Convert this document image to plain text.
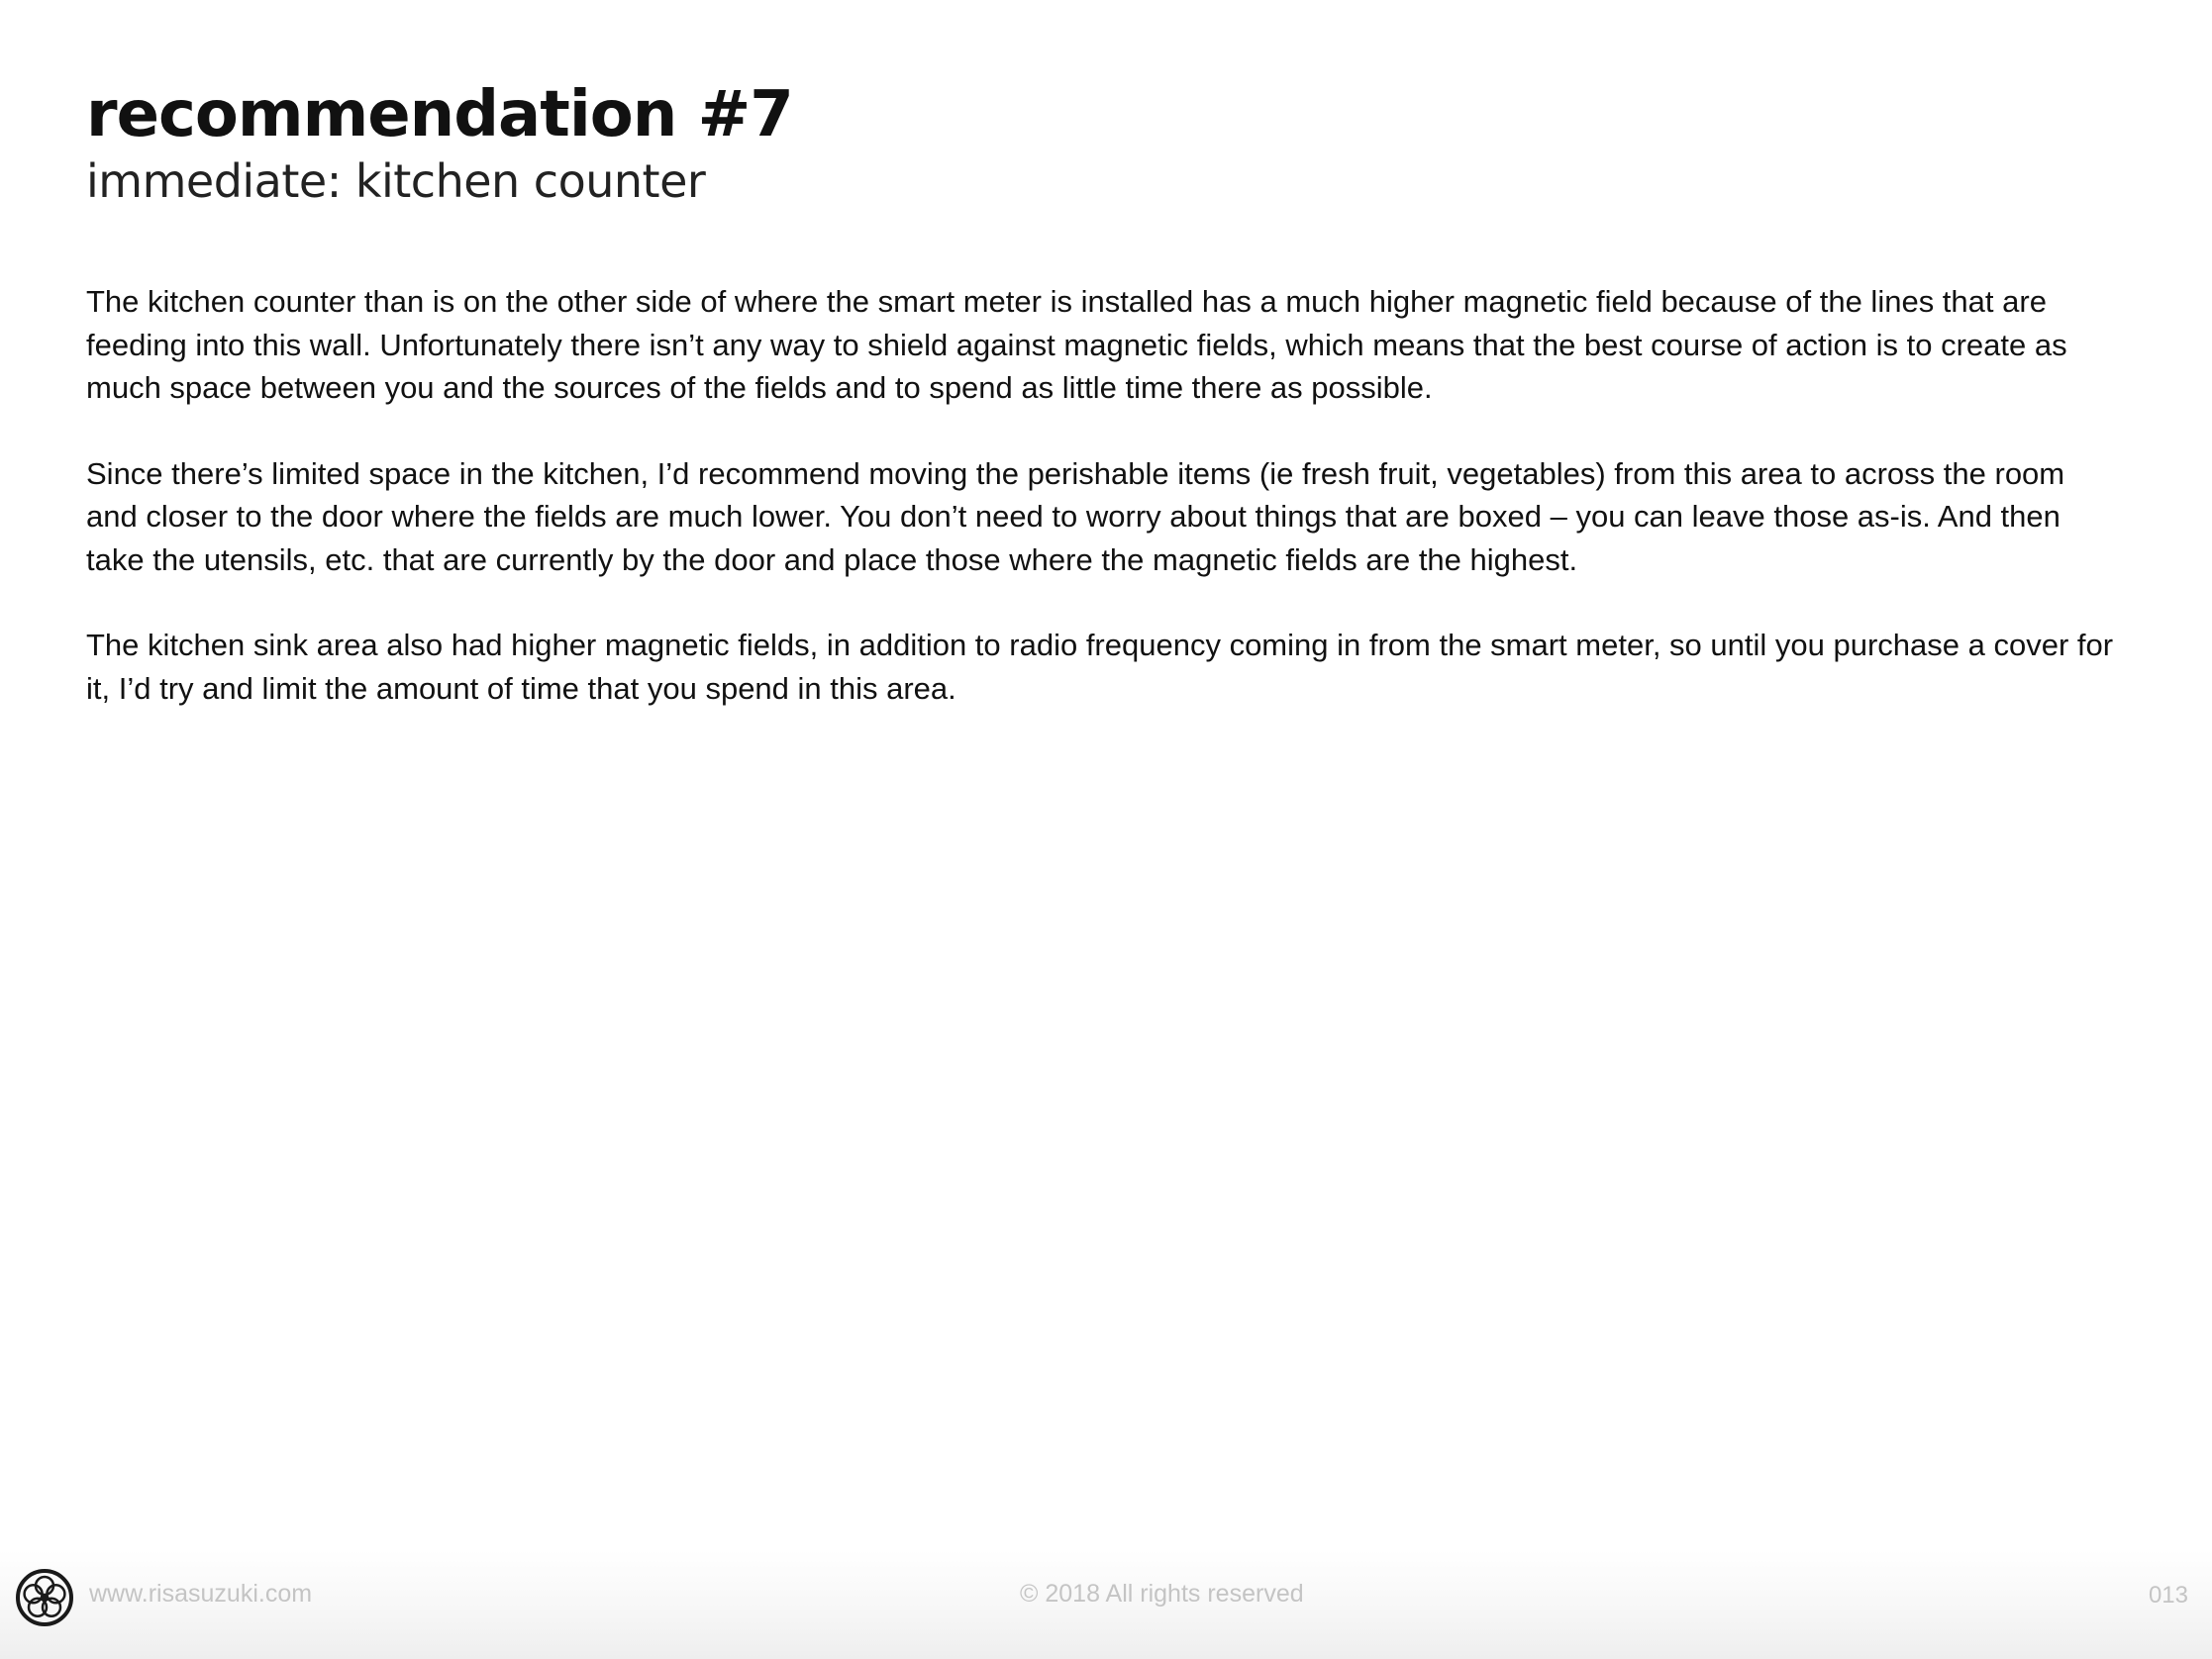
recommendation #7
immediate: kitchen counter

The kitchen counter than is on the other side of where the smart meter is installed has a much higher magnetic field because of the lines that are feeding into this wall. Unfortunately there isn’t any way to shield against magnetic fields, which means that the best course of action is to create as much space between you and the sources of the fields and to spend as little time there as possible.

Since there’s limited space in the kitchen, I’d recommend moving the perishable items (ie fresh fruit, vegetables) from this area to across the room and closer to the door where the fields are much lower. You don’t need to worry about things that are boxed – you can leave those as-is. And then take the utensils, etc. that are currently by the door and place those where the magnetic fields are the highest.

The kitchen sink area also had higher magnetic fields, in addition to radio frequency coming in from the smart meter, so until you purchase a cover for it, I’d try and limit the amount of time that you spend in this area.

www.risasuzuki.com	© 2018 All rights reserved	013
